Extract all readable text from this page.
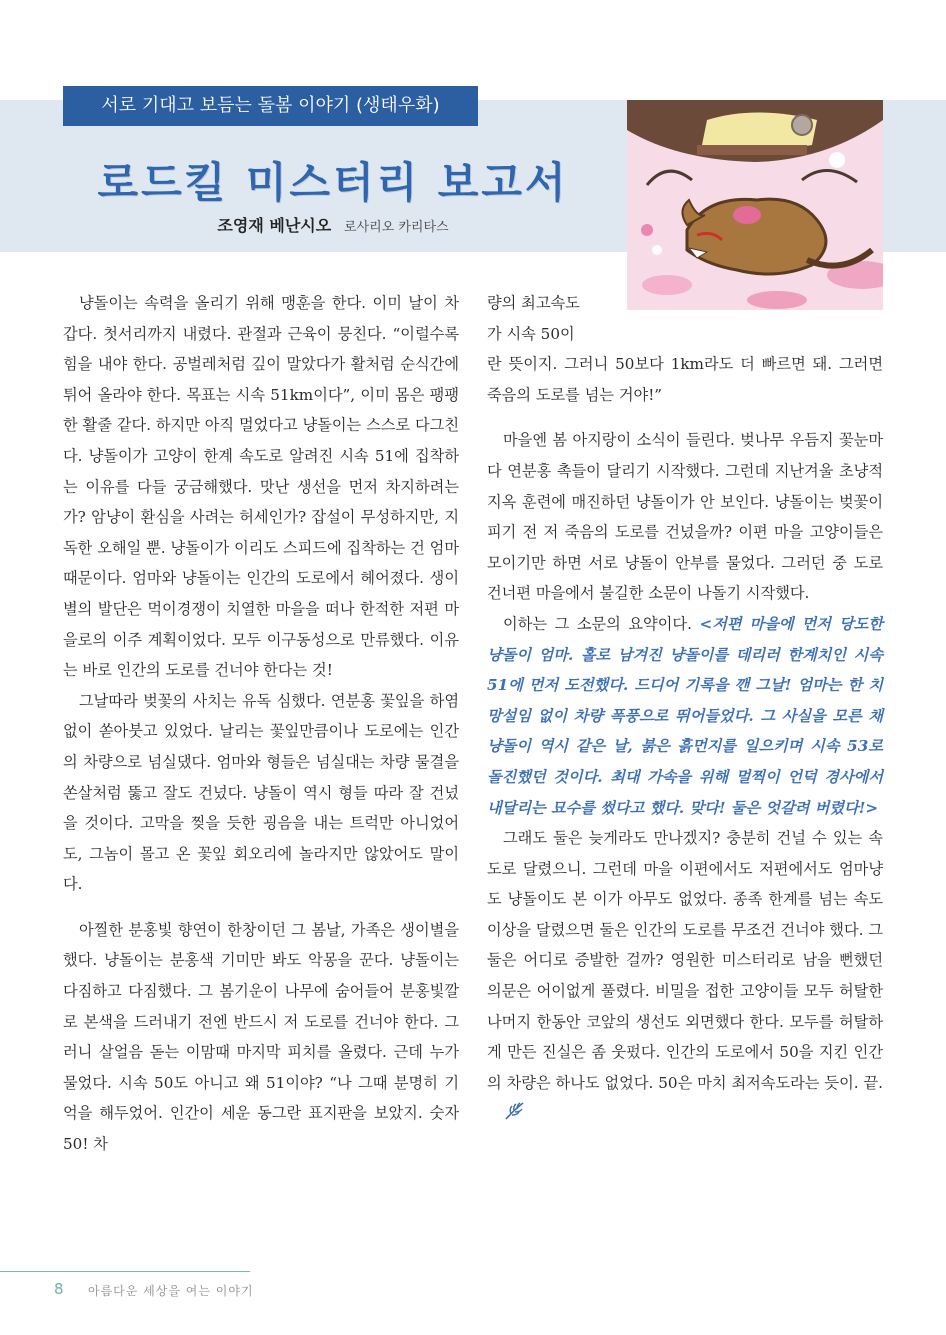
서로 기대고 보듬는 돌봄 이야기 (생태우화)
로드킬 미스터리 보고서
조영재 베난시오 로사리오 카리타스

냥돌이는 속력을 올리기 위해 맹훈을 한다. 이미 날이 차갑다. 첫서리까지 내렸다. 관절과 근육이 뭉친다. “이럴수록 힘을 내야 한다. 공벌레처럼 깊이 말았다가 활처럼 순식간에 튀어 올라야 한다. 목표는 시속 51km이다”, 이미 몸은 팽팽한 활줄 같다. 하지만 아직 멀었다고 냥돌이는 스스로 다그친다. 냥돌이가 고양이 한계 속도로 알려진 시속 51에 집착하는 이유를 다들 궁금해했다. 맛난 생선을 먼저 차지하려는가? 암냥이 환심을 사려는 허세인가? 잡설이 무성하지만, 지독한 오해일 뿐. 냥돌이가 이리도 스피드에 집착하는 건 엄마 때문이다. 엄마와 냥돌이는 인간의 도로에서 헤어졌다. 생이별의 발단은 먹이경쟁이 치열한 마을을 떠나 한적한 저편 마을로의 이주 계획이었다. 모두 이구동성으로 만류했다. 이유는 바로 인간의 도로를 건너야 한다는 것!

그날따라 벚꽃의 사치는 유독 심했다. 연분홍 꽃잎을 하염없이 쏟아붓고 있었다. 날리는 꽃잎만큼이나 도로에는 인간의 차량으로 넘실댔다. 엄마와 형들은 넘실대는 차량 물결을 쏜살처럼 뚫고 잘도 건넜다. 냥돌이 역시 형들 따라 잘 건넜을 것이다. 고막을 찢을 듯한 굉음을 내는 트럭만 아니었어도, 그놈이 몰고 온 꽃잎 회오리에 놀라지만 않았어도 말이다.

아찔한 분홍빛 향연이 한창이던 그 봄날, 가족은 생이별을 했다. 냥돌이는 분홍색 기미만 봐도 악몽을 꾼다. 냥돌이는 다짐하고 다짐했다. 그 봄기운이 나무에 숨어들어 분홍빛깔로 본색을 드러내기 전엔 반드시 저 도로를 건너야 한다. 그러니 살얼음 돋는 이맘때 마지막 피치를 올렸다. 근데 누가 물었다. 시속 50도 아니고 왜 51이야? “나 그때 분명히 기억을 해두었어. 인간이 세운 동그란 표지판을 보았지. 숫자 50! 차

량의 최고속도

가 시속 50이

란 뜻이지. 그러니 50보다 1km라도 더 빠르면 돼. 그러면 죽음의 도로를 넘는 거야!”

마을엔 봄 아지랑이 소식이 들린다. 벚나무 우듬지 꽃눈마다 연분홍 촉들이 달리기 시작했다. 그런데 지난겨울 초냥적 지옥 훈련에 매진하던 냥돌이가 안 보인다. 냥돌이는 벚꽃이 피기 전 저 죽음의 도로를 건넜을까? 이편 마을 고양이들은 모이기만 하면 서로 냥돌이 안부를 물었다. 그러던 중 도로 건너편 마을에서 불길한 소문이 나돌기 시작했다.

이하는 그 소문의 요약이다. <저편 마을에 먼저 당도한 냥돌이 엄마. 홀로 남겨진 냥돌이를 데리러 한계치인 시속 51에 먼저 도전했다. 드디어 기록을 깬 그날! 엄마는 한 치 망설임 없이 차량 폭풍으로 뛰어들었다. 그 사실을 모른 채 냥돌이 역시 같은 날, 붉은 흙먼지를 일으키며 시속 53로 돌진했던 것이다. 최대 가속을 위해 멀찍이 언덕 경사에서 내달리는 묘수를 썼다고 했다. 맞다! 둘은 엇갈려 버렸다!>

그래도 둘은 늦게라도 만나겠지? 충분히 건널 수 있는 속도로 달렸으니. 그런데 마을 이편에서도 저편에서도 엄마냥도 냥돌이도 본 이가 아무도 없었다. 종족 한계를 넘는 속도 이상을 달렸으면 둘은 인간의 도로를 무조건 건너야 했다. 그 둘은 어디로 증발한 걸까? 영원한 미스터리로 남을 뻔했던 의문은 어이없게 풀렸다. 비밀을 접한 고양이들 모두 허탈한 나머지 한동안 코앞의 생선도 외면했다 한다. 모두를 허탈하게 만든 진실은 좀 웃펐다. 인간의 도로에서 50을 지킨 인간의 차량은 하나도 없었다. 50은 마치 최저속도라는 듯이. 끝.

8 아름다운 세상을 여는 이야기
